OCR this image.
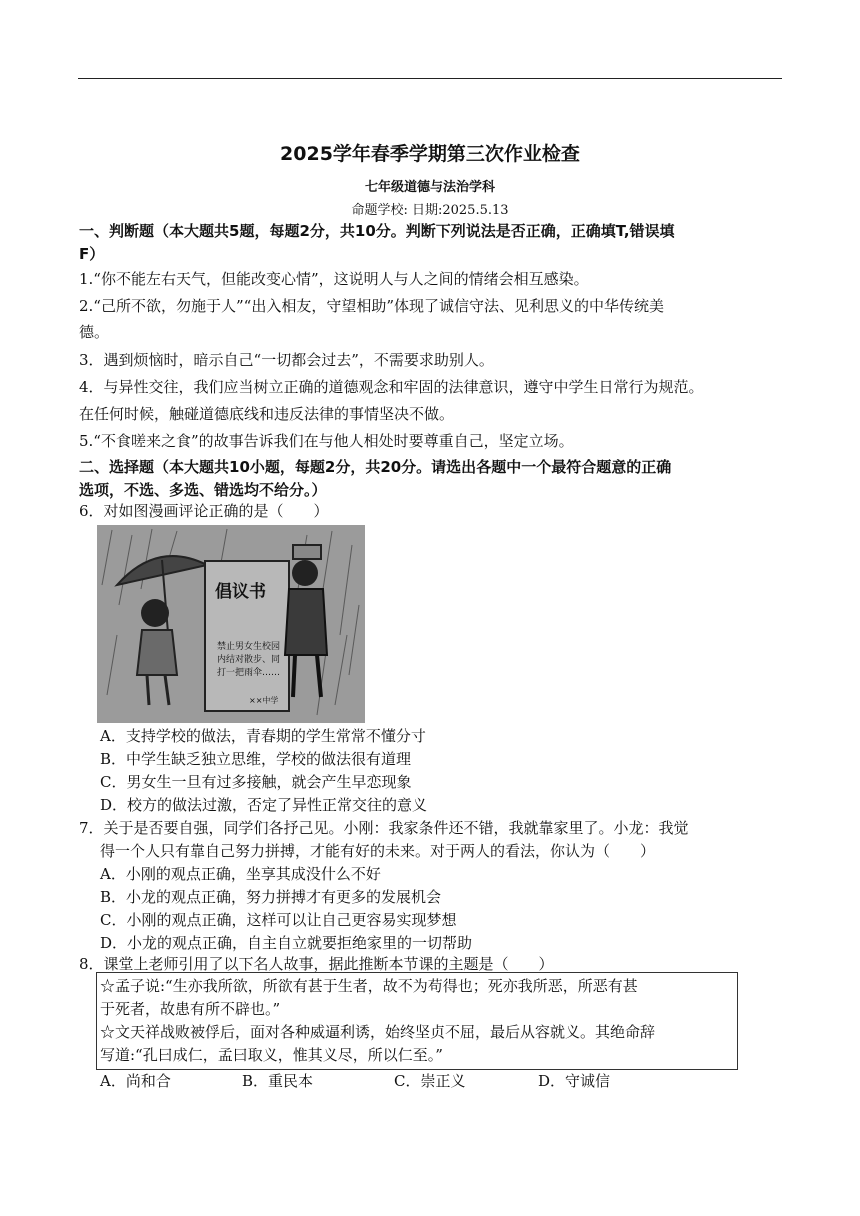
2025学年春季学期第三次作业检查
七年级道德与法治学科
命题学校: 日期:2025.5.13
一、判断题（本大题共5题，每题2分，共10分。判断下列说法是否正确，正确填T,错误填
F）
1.“你不能左右天气，但能改变心情”，这说明人与人之间的情绪会相互感染。
2.“己所不欲，勿施于人”“出入相友，守望相助”体现了诚信守法、见利思义的中华传统美
德。
3．遇到烦恼时，暗示自己“一切都会过去”，不需要求助别人。
4．与异性交往，我们应当树立正确的道德观念和牢固的法律意识，遵守中学生日常行为规范。
在任何时候，触碰道德底线和违反法律的事情坚决不做。
5.“不食嗟来之食”的故事告诉我们在与他人相处时要尊重自己，坚定立场。
二、选择题（本大题共10小题，每题2分，共20分。请选出各题中一个最符合题意的正确
选项，不选、多选、错选均不给分。）
6．对如图漫画评论正确的是（　　）
倡议书
禁止男女生校园
内结对散步、同
打一把雨伞……
××中学
A．支持学校的做法，青春期的学生常常不懂分寸
B．中学生缺乏独立思维，学校的做法很有道理
C．男女生一旦有过多接触，就会产生早恋现象
D．校方的做法过激，否定了异性正常交往的意义
7．关于是否要自强，同学们各抒己见。小刚：我家条件还不错，我就靠家里了。小龙：我觉
得一个人只有靠自己努力拼搏，才能有好的未来。对于两人的看法，你认为（　　）
A．小刚的观点正确，坐享其成没什么不好
B．小龙的观点正确，努力拼搏才有更多的发展机会
C．小刚的观点正确，这样可以让自己更容易实现梦想
D．小龙的观点正确，自主自立就要拒绝家里的一切帮助
8．课堂上老师引用了以下名人故事，据此推断本节课的主题是（　　）
☆孟子说:“生亦我所欲，所欲有甚于生者，故不为苟得也；死亦我所恶，所恶有甚
于死者，故患有所不辟也。”
☆文天祥战败被俘后，面对各种威逼利诱，始终坚贞不屈，最后从容就义。其绝命辞
写道:“孔曰成仁，孟曰取义，惟其义尽，所以仁至。”
A．尚和合	B．重民本	C．崇正义	D．守诚信
